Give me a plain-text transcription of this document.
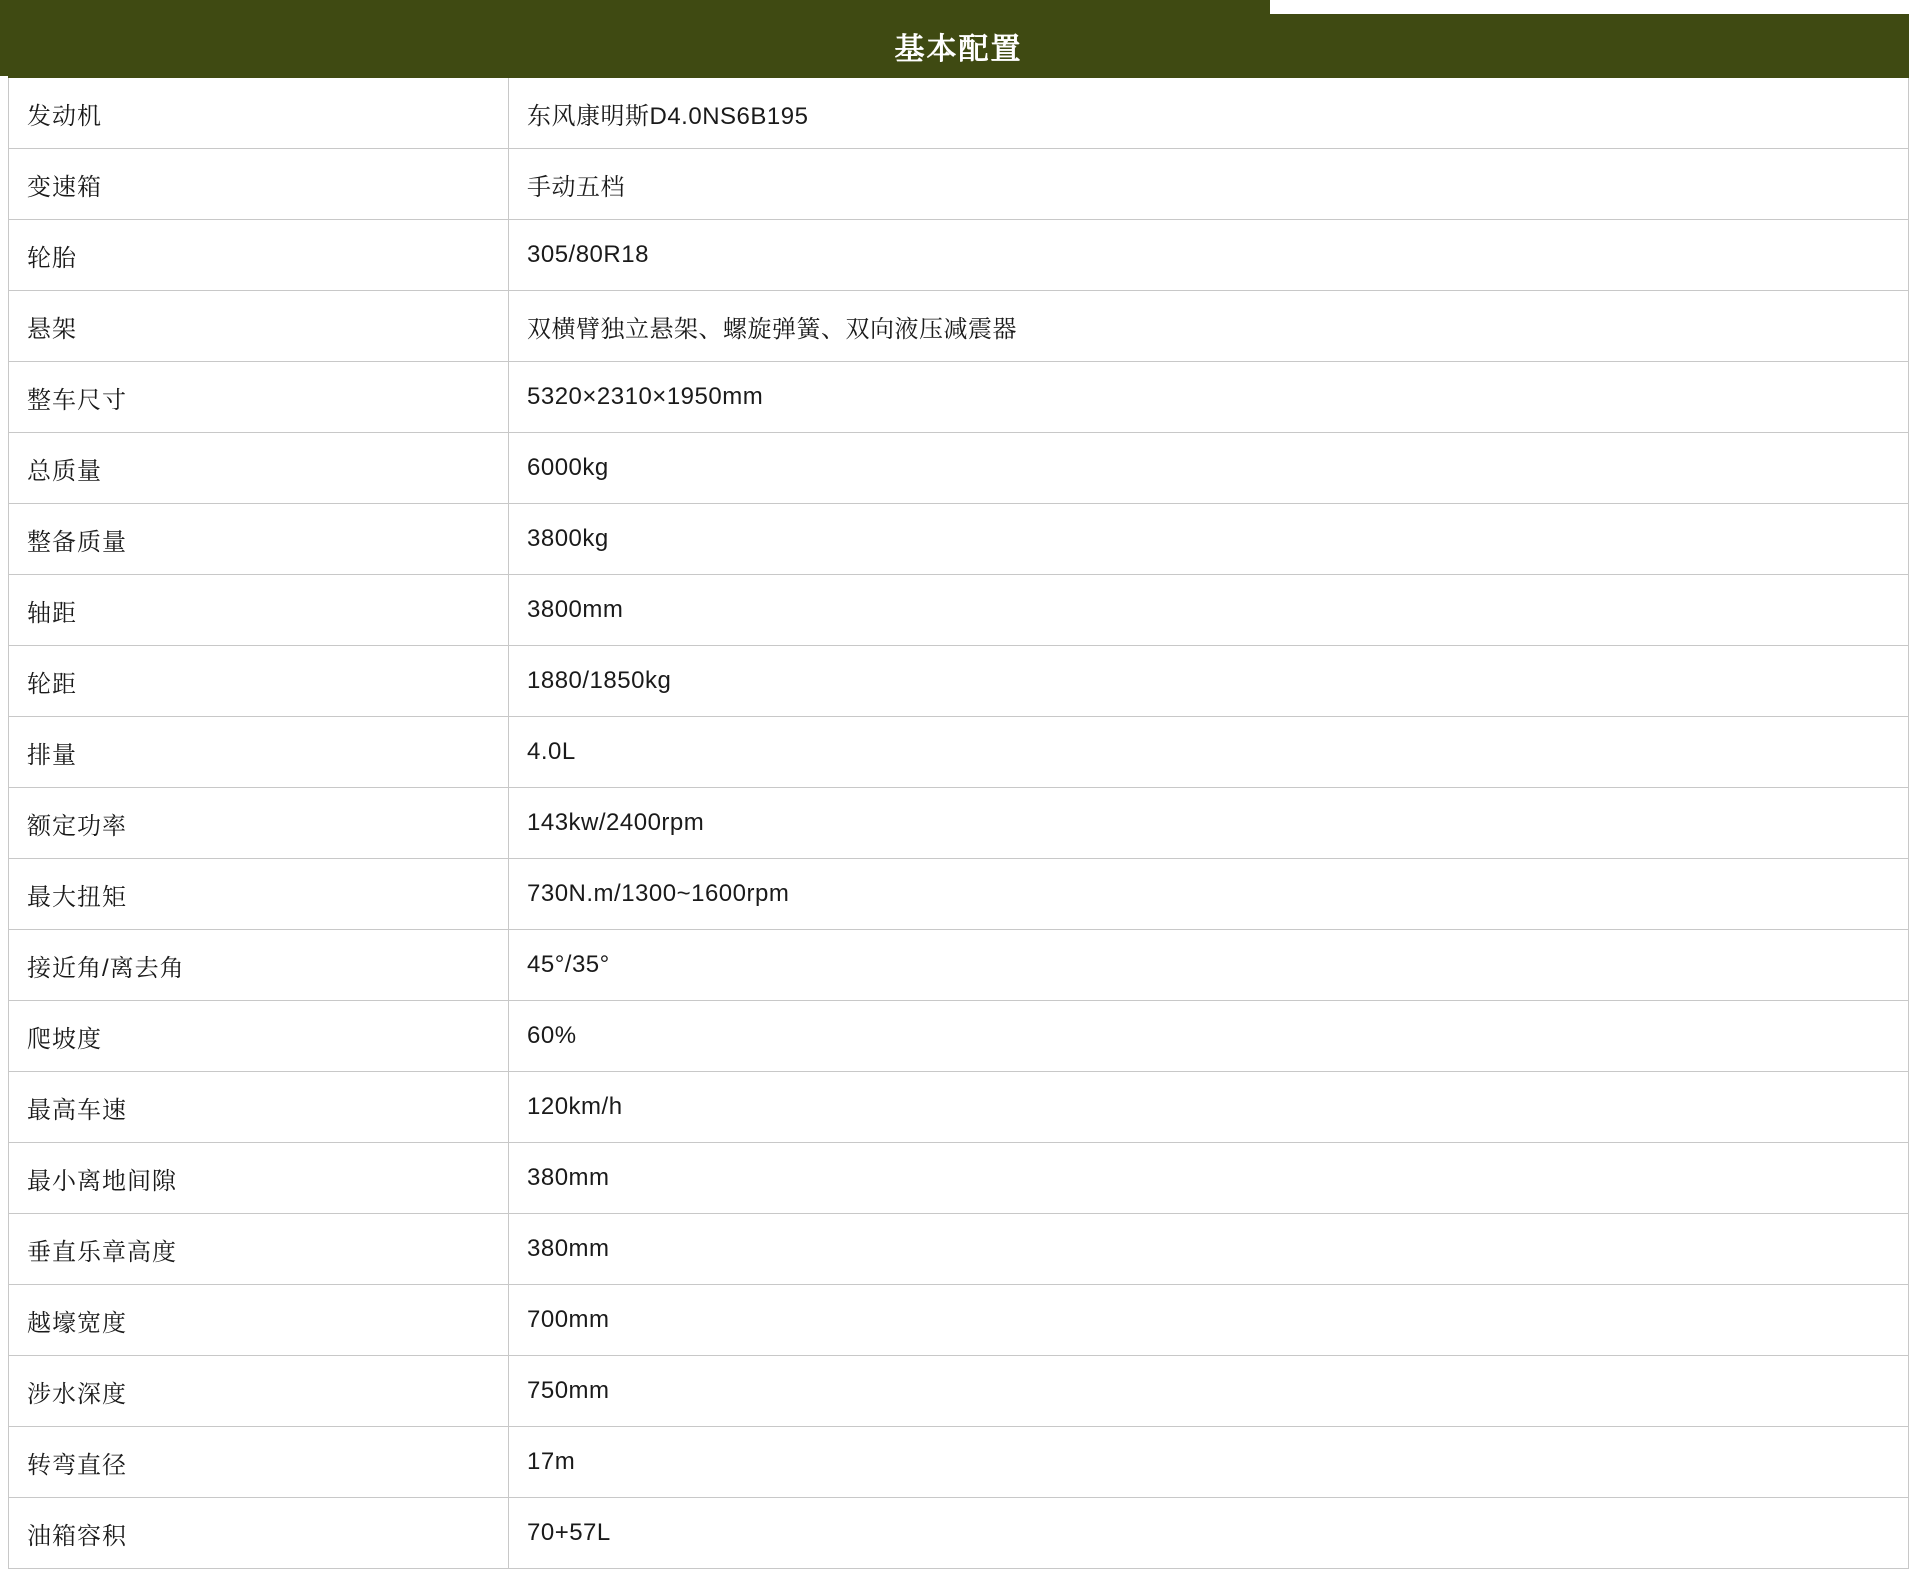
基本配置	
发动机	东风康明斯D4.0NS6B195
变速箱	手动五档
轮胎	305/80R18
悬架	双横臂独立悬架、螺旋弹簧、双向液压减震器
整车尺寸	5320×2310×1950mm
总质量	6000kg
整备质量	3800kg
轴距	3800mm
轮距	1880/1850kg
排量	4.0L
额定功率	143kw/2400rpm
最大扭矩	730N.m/1300~1600rpm
接近角/离去角	45°/35°
爬坡度	60%
最高车速	120km/h
最小离地间隙	380mm
垂直乐章高度	380mm
越壕宽度	700mm
涉水深度	750mm
转弯直径	17m
油箱容积	70+57L
